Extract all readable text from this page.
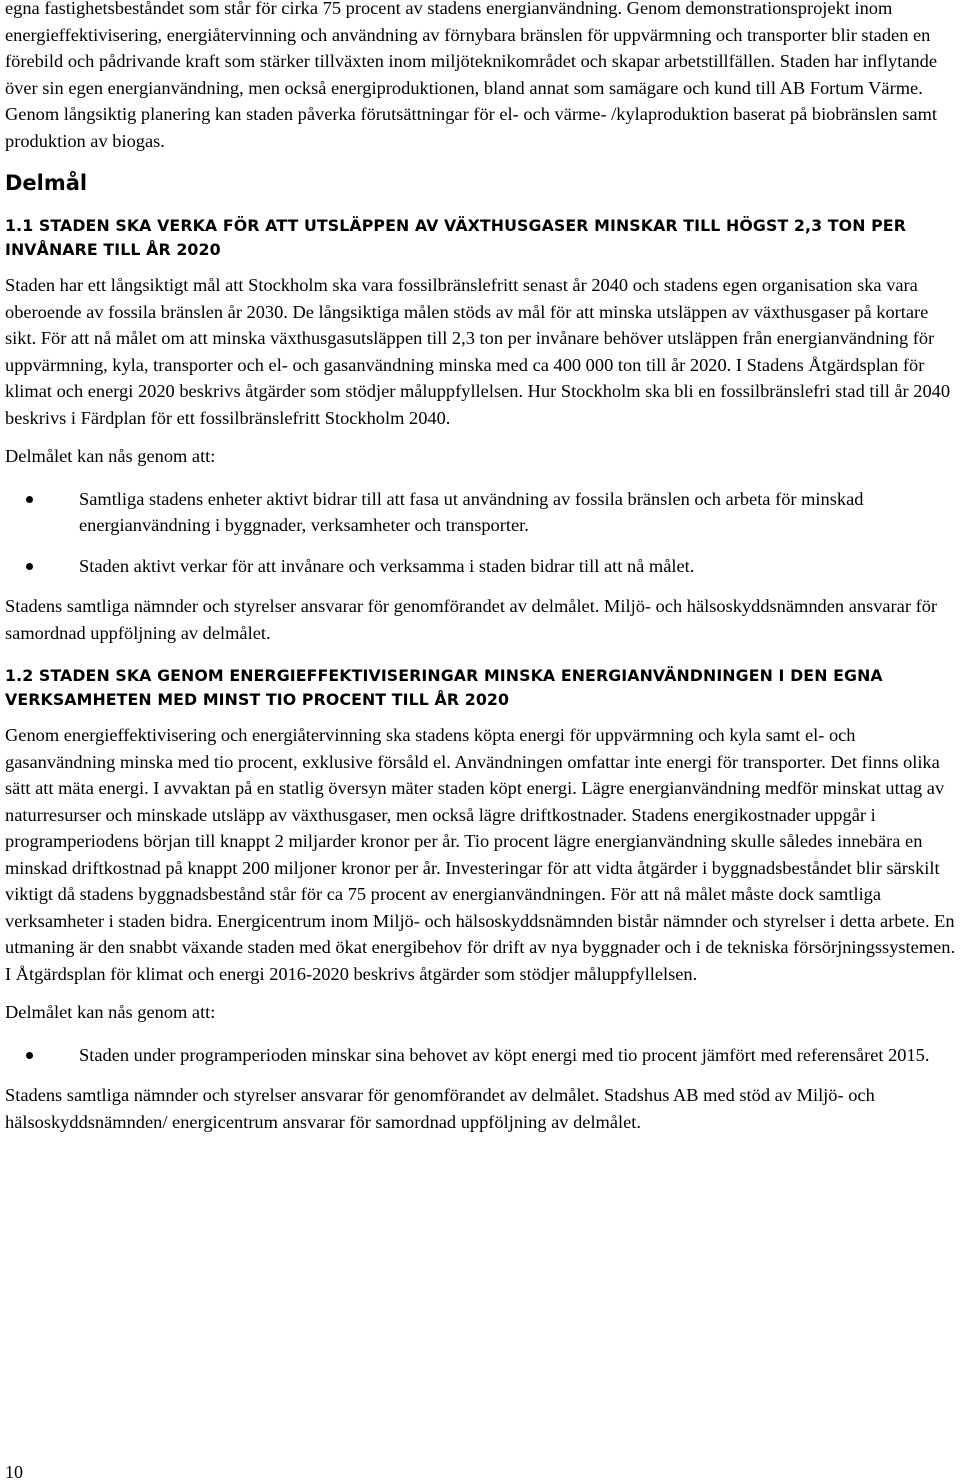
egna fastighetsbeståndet som står för cirka 75 procent av stadens energianvändning. Genom demonstrationsprojekt inom energieffektivisering, energiåtervinning och användning av förnybara bränslen för uppvärmning och transporter blir staden en förebild och pådrivande kraft som stärker tillväxten inom miljöteknikområdet och skapar arbetstillfällen. Staden har inflytande över sin egen energianvändning, men också energiproduktionen, bland annat som samägare och kund till AB Fortum Värme. Genom långsiktig planering kan staden påverka förutsättningar för el- och värme- /kylaproduktion baserat på biobränslen samt produktion av biogas.

Delmål
1.1 STADEN SKA VERKA FÖR ATT UTSLÄPPEN AV VÄXTHUSGASER MINSKAR TILL HÖGST 2,3 TON PER INVÅNARE TILL ÅR 2020

Staden har ett långsiktigt mål att Stockholm ska vara fossilbränslefritt senast år 2040 och stadens egen organisation ska vara oberoende av fossila bränslen år 2030. De långsiktiga målen stöds av mål för att minska utsläppen av växthusgaser på kortare sikt. För att nå målet om att minska växthusgasutsläppen till 2,3 ton per invånare behöver utsläppen från energianvändning för uppvärmning, kyla, transporter och el- och gasanvändning minska med ca 400 000 ton till år 2020. I Stadens Åtgärdsplan för klimat och energi 2020 beskrivs åtgärder som stödjer måluppfyllelsen. Hur Stockholm ska bli en fossilbränslefri stad till år 2040 beskrivs i Färdplan för ett fossilbränslefritt Stockholm 2040.

Delmålet kan nås genom att:

Samtliga stadens enheter aktivt bidrar till att fasa ut användning av fossila bränslen och arbeta för minskad energianvändning i byggnader, verksamheter och transporter.
Staden aktivt verkar för att invånare och verksamma i staden bidrar till att nå målet.

Stadens samtliga nämnder och styrelser ansvarar för genomförandet av delmålet. Miljö- och hälsoskyddsnämnden ansvarar för samordnad uppföljning av delmålet.

1.2 STADEN SKA GENOM ENERGIEFFEKTIVISERINGAR MINSKA ENERGIANVÄNDNINGEN I DEN EGNA VERKSAMHETEN MED MINST TIO PROCENT TILL ÅR 2020

Genom energieffektivisering och energiåtervinning ska stadens köpta energi för uppvärmning och kyla samt el- och gasanvändning minska med tio procent, exklusive försåld el. Användningen omfattar inte energi för transporter. Det finns olika sätt att mäta energi. I avvaktan på en statlig översyn mäter staden köpt energi. Lägre energianvändning medför minskat uttag av naturresurser och minskade utsläpp av växthusgaser, men också lägre driftkostnader. Stadens energikostnader uppgår i programperiodens början till knappt 2 miljarder kronor per år. Tio procent lägre energianvändning skulle således innebära en minskad driftkostnad på knappt 200 miljoner kronor per år. Investeringar för att vidta åtgärder i byggnadsbeståndet blir särskilt viktigt då stadens byggnadsbestånd står för ca 75 procent av energianvändningen. För att nå målet måste dock samtliga verksamheter i staden bidra. Energicentrum inom Miljö- och hälsoskyddsnämnden bistår nämnder och styrelser i detta arbete. En utmaning är den snabbt växande staden med ökat energibehov för drift av nya byggnader och i de tekniska försörjningssystemen. I Åtgärdsplan för klimat och energi 2016-2020 beskrivs åtgärder som stödjer måluppfyllelsen.

Delmålet kan nås genom att:

Staden under programperioden minskar sina behovet av köpt energi med tio procent jämfört med referensåret 2015.

Stadens samtliga nämnder och styrelser ansvarar för genomförandet av delmålet. Stadshus AB med stöd av Miljö- och hälsoskyddsnämnden/ energicentrum ansvarar för samordnad uppföljning av delmålet.

10
